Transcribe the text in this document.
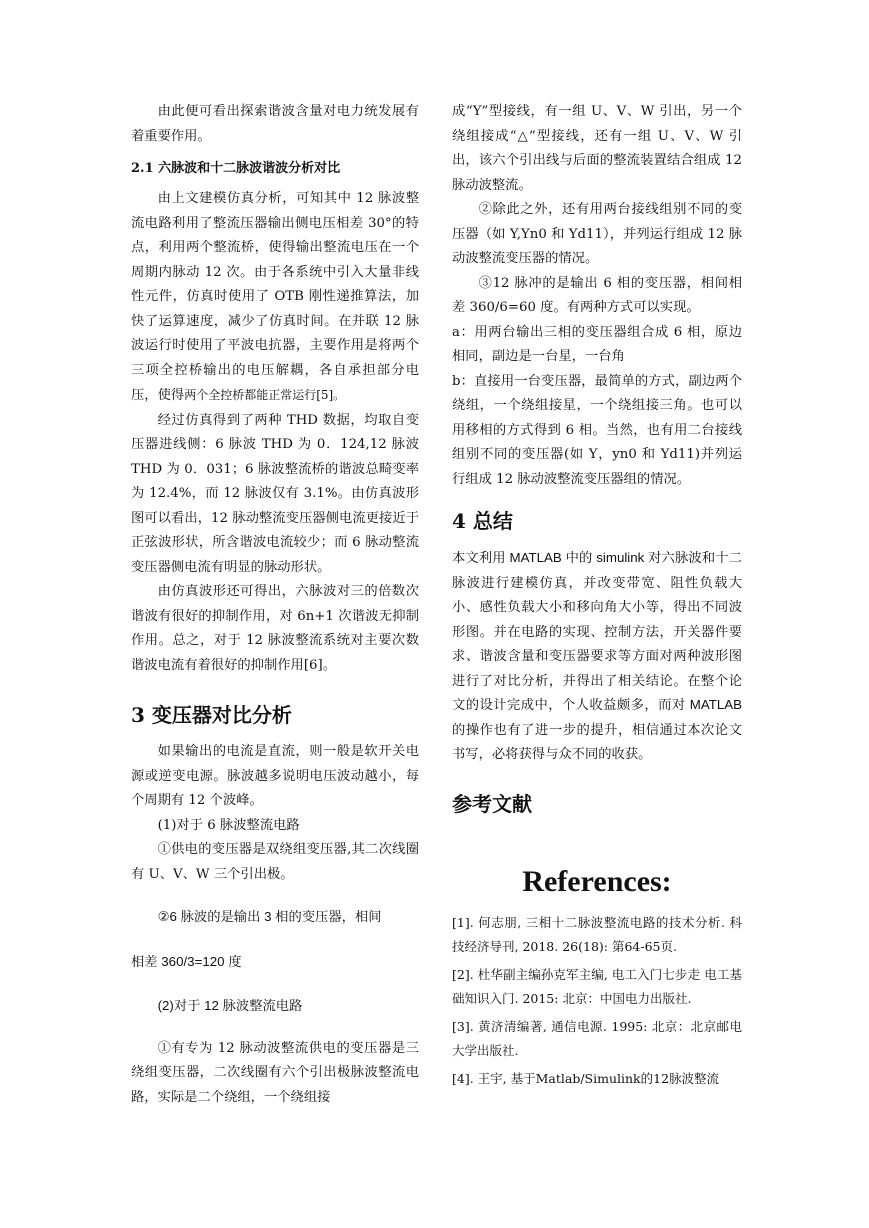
由此便可看出探索谐波含量对电力统发展有着重要作用。

2.1 六脉波和十二脉波谐波分析对比

由上文建模仿真分析，可知其中 12 脉波整流电路利用了整流压器输出侧电压相差 30°的特点，利用两个整流桥，使得输出整流电压在一个周期内脉动 12 次。由于各系统中引入大量非线性元件，仿真时使用了 OTB 刚性递推算法，加快了运算速度，减少了仿真时间。在并联 12 脉波运行时使用了平波电抗器，主要作用是将两个三项全控桥输出的电压解耦，各自承担部分电压，使得两个全控桥都能正常运行[5]。

经过仿真得到了两种 THD 数据，均取自变压器进线侧：6 脉波 THD 为 0．124,12 脉波 THD 为 0．031；6 脉波整流桥的谐波总畸变率为 12.4%，而 12 脉波仅有 3.1%。由仿真波形图可以看出，12 脉动整流变压器侧电流更接近于正弦波形状，所含谐波电流较少；而 6 脉动整流变压器侧电流有明显的脉动形状。

由仿真波形还可得出，六脉波对三的倍数次谐波有很好的抑制作用，对 6n+1 次谐波无抑制作用。总之，对于 12 脉波整流系统对主要次数谐波电流有着很好的抑制作用[6]。

3 变压器对比分析

如果输出的电流是直流，则一般是软开关电源或逆变电源。脉波越多说明电压波动越小，每个周期有 12 个波峰。

(1)对于 6 脉波整流电路

①供电的变压器是双绕组变压器,其二次线圈有 U、V、W 三个引出极。

②6 脉波的是输出 3 相的变压器，相间

相差 360/3=120 度

(2)对于 12 脉波整流电路

①有专为 12 脉动波整流供电的变压器是三绕组变压器，二次线圈有六个引出极脉波整流电路，实际是二个绕组，一个绕组接

成“Y”型接线，有一组 U、V、W 引出，另一个绕组接成“△”型接线，还有一组 U、V、W 引出，该六个引出线与后面的整流装置结合组成 12 脉动波整流。

②除此之外，还有用两台接线组别不同的变压器（如 Y,Yn0 和 Yd11），并列运行组成 12 脉动波整流变压器的情况。

③12 脉冲的是输出 6 相的变压器，相间相差 360/6=60 度。有两种方式可以实现。

a：用两台输出三相的变压器组合成 6 相，原边相同，副边是一台星，一台角

b：直接用一台变压器，最简单的方式，副边两个绕组，一个绕组接星，一个绕组接三角。也可以用移相的方式得到 6 相。当然，也有用二台接线组别不同的变压器(如 Y，yn0 和 Yd11)并列运行组成 12 脉动波整流变压器组的情况。

4 总结

本文利用 MATLAB 中的 simulink 对六脉波和十二脉波进行建模仿真，并改变带宽、阻性负载大小、感性负载大小和移向角大小等，得出不同波形图。并在电路的实现、控制方法，开关器件要求、谐波含量和变压器要求等方面对两种波形图进行了对比分析，并得出了相关结论。在整个论文的设计完成中，个人收益颇多，而对 MATLAB 的操作也有了进一步的提升，相信通过本次论文书写，必将获得与众不同的收获。

参考文献
References:

[1]. 何志朋, 三相十二脉波整流电路的技术分析. 科技经济导刊, 2018. 26(18): 第64-65页.

[2]. 杜华副主编孙克军主编, 电工入门七步走 电工基础知识入门. 2015: 北京：中国电力出版社.

[3]. 黄济清编著, 通信电源. 1995: 北京：北京邮电大学出版社.

[4]. 王宇, 基于Matlab/Simulink的12脉波整流
